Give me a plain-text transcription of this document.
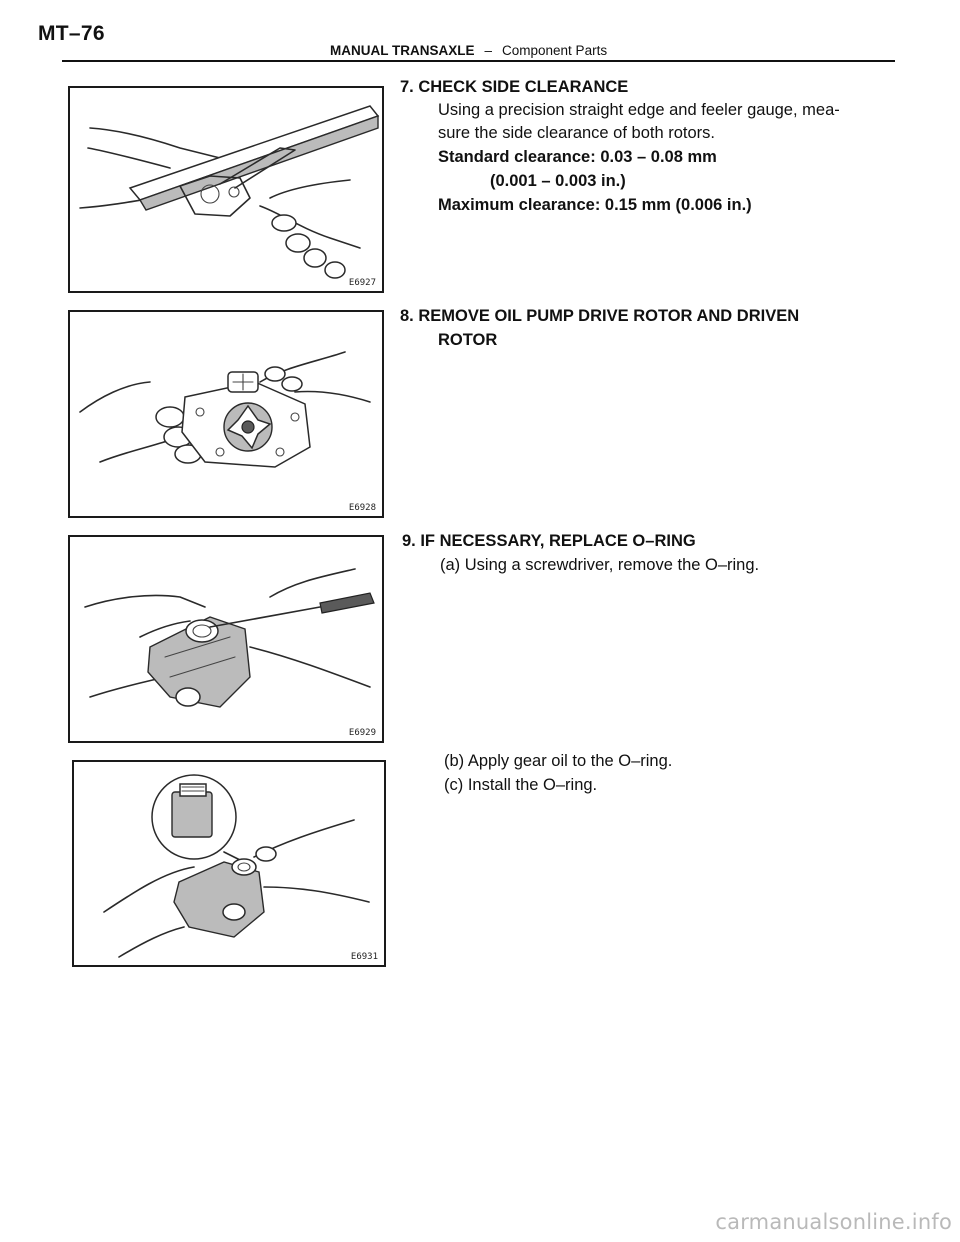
MT–76
MANUAL TRANSAXLE – Component Parts
E6927
E6928
E6929
E6931
7. CHECK SIDE CLEARANCE
Using a precision straight edge and feeler gauge, mea-
sure the side clearance of both rotors.
Standard clearance: 0.03 – 0.08 mm
(0.001 – 0.003 in.)
Maximum clearance: 0.15 mm (0.006 in.)
8. REMOVE OIL PUMP DRIVE ROTOR AND DRIVEN
ROTOR
9. IF NECESSARY, REPLACE O–RING
(a) Using a screwdriver, remove the O–ring.
(b) Apply gear oil to the O–ring.
(c) Install the O–ring.
carmanualsonline.info
